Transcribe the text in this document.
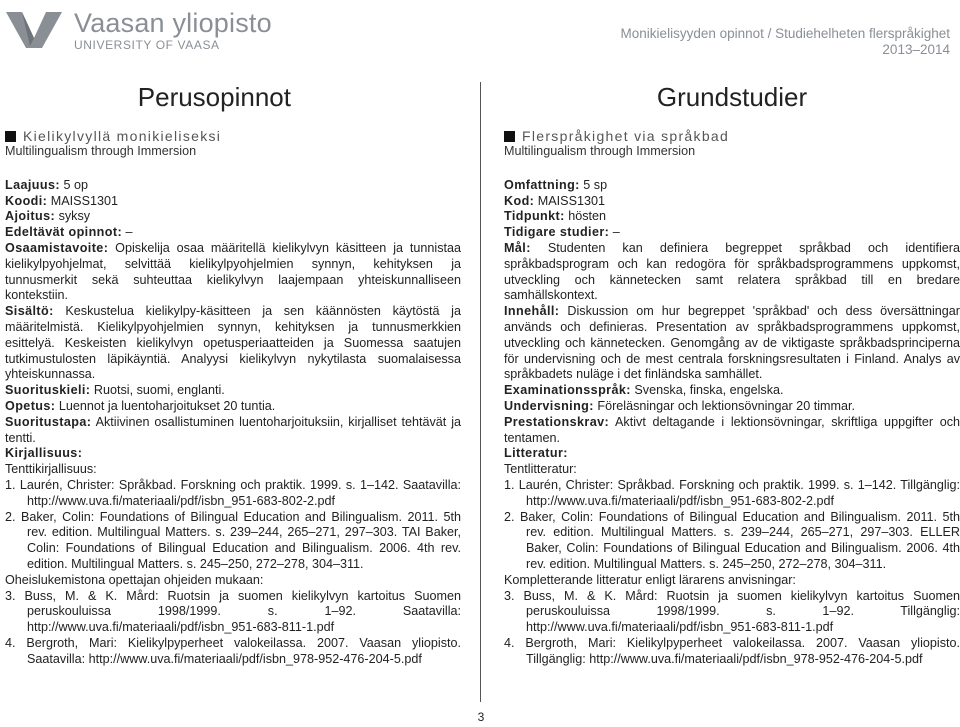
Vaasan yliopisto
UNIVERSITY OF VAASA
Monikielisyyden opinnot / Studiehelheten flerspråkighet
2013–2014
Perusopinnot
Kielikylvyllä monikieliseksi
Multilingualism through Immersion
Laajuus: 5 op
Koodi: MAISS1301
Ajoitus: syksy
Edeltävät opinnot: –

Osaamistavoite: Opiskelija osaa määritellä kielikylvyn käsitteen ja tunnistaa kielikylpyohjelmat, selvittää kielikylpyohjelmien synnyn, kehityksen ja tunnusmerkit sekä suhteuttaa kielikylvyn laajempaan yhteiskunnalliseen kontekstiin.

Sisältö: Keskustelua kielikylpy-käsitteen ja sen käännösten käytöstä ja määritelmistä. Kielikylpyohjelmien synnyn, kehityksen ja tunnusmerkkien esittelyä. Keskeisten kielikylvyn opetusperiaatteiden ja Suomessa saatujen tutkimustulosten läpikäyntiä. Analyysi kielikylvyn nykytilasta suomalaisessa yhteiskunnassa.

Suorituskieli: Ruotsi, suomi, englanti.

Opetus: Luennot ja luentoharjoitukset 20 tuntia.

Suoritustapa: Aktiivinen osallistuminen luentoharjoituksiin, kirjalliset tehtävät ja tentti.

Kirjallisuus:
Tenttikirjallisuus:
1. Laurén, Christer: Språkbad. Forskning och praktik. 1999. s. 1–142. Saatavilla: http://www.uva.fi/materiaali/pdf/isbn_951-683-802-2.pdf
2. Baker, Colin: Foundations of Bilingual Education and Bilingualism. 2011. 5th rev. edition. Multilingual Matters. s. 239–244, 265–271, 297–303. TAI Baker, Colin: Foundations of Bilingual Education and Bilingualism. 2006. 4th rev. edition. Multilingual Matters. s. 245–250, 272–278, 304–311.
Oheislukemistona opettajan ohjeiden mukaan:
3. Buss, M. & K. Mård: Ruotsin ja suomen kielikylvyn kartoitus Suomen peruskouluissa 1998/1999. s. 1–92. Saatavilla: http://www.uva.fi/materiaali/pdf/isbn_951-683-811-1.pdf
4. Bergroth, Mari: Kielikylpyperheet valokeilassa. 2007. Vaasan yliopisto. Saatavilla: http://www.uva.fi/materiaali/pdf/isbn_978-952-476-204-5.pdf
Grundstudier
Flerspråkighet via språkbad
Multilingualism through Immersion
Omfattning: 5 sp
Kod: MAISS1301
Tidpunkt: hösten
Tidigare studier: –

Mål: Studenten kan definiera begreppet språkbad och identifiera språkbadsprogram och kan redogöra för språkbadsprogrammens uppkomst, utveckling och kännetecken samt relatera språkbad till en bredare samhällskontext.

Innehåll: Diskussion om hur begreppet 'språkbad' och dess översättningar används och definieras. Presentation av språkbadsprogrammens uppkomst, utveckling och kännetecken. Genomgång av de viktigaste språkbadsprinciperna för undervisning och de mest centrala forskningsresultaten i Finland. Analys av språkbadets nuläge i det finländska samhället.

Examinationsspråk: Svenska, finska, engelska.

Undervisning: Föreläsningar och lektionsövningar 20 timmar.

Prestationskrav: Aktivt deltagande i lektionsövningar, skriftliga uppgifter och tentamen.

Litteratur:
Tentlitteratur:
1. Laurén, Christer: Språkbad. Forskning och praktik. 1999. s. 1–142. Tillgänglig: http://www.uva.fi/materiaali/pdf/isbn_951-683-802-2.pdf
2. Baker, Colin: Foundations of Bilingual Education and Bilingualism. 2011. 5th rev. edition. Multilingual Matters. s. 239–244, 265–271, 297–303. ELLER Baker, Colin: Foundations of Bilingual Education and Bilingualism. 2006. 4th rev. edition. Multilingual Matters. s. 245–250, 272–278, 304–311.
Kompletterande litteratur enligt lärarens anvisningar:
3. Buss, M. & K. Mård: Ruotsin ja suomen kielikylvyn kartoitus Suomen peruskouluissa 1998/1999. s. 1–92. Tillgänglig: http://www.uva.fi/materiaali/pdf/isbn_951-683-811-1.pdf
4. Bergroth, Mari: Kielikylpyperheet valokeilassa. 2007. Vaasan yliopisto. Tillgänglig: http://www.uva.fi/materiaali/pdf/isbn_978-952-476-204-5.pdf
3
